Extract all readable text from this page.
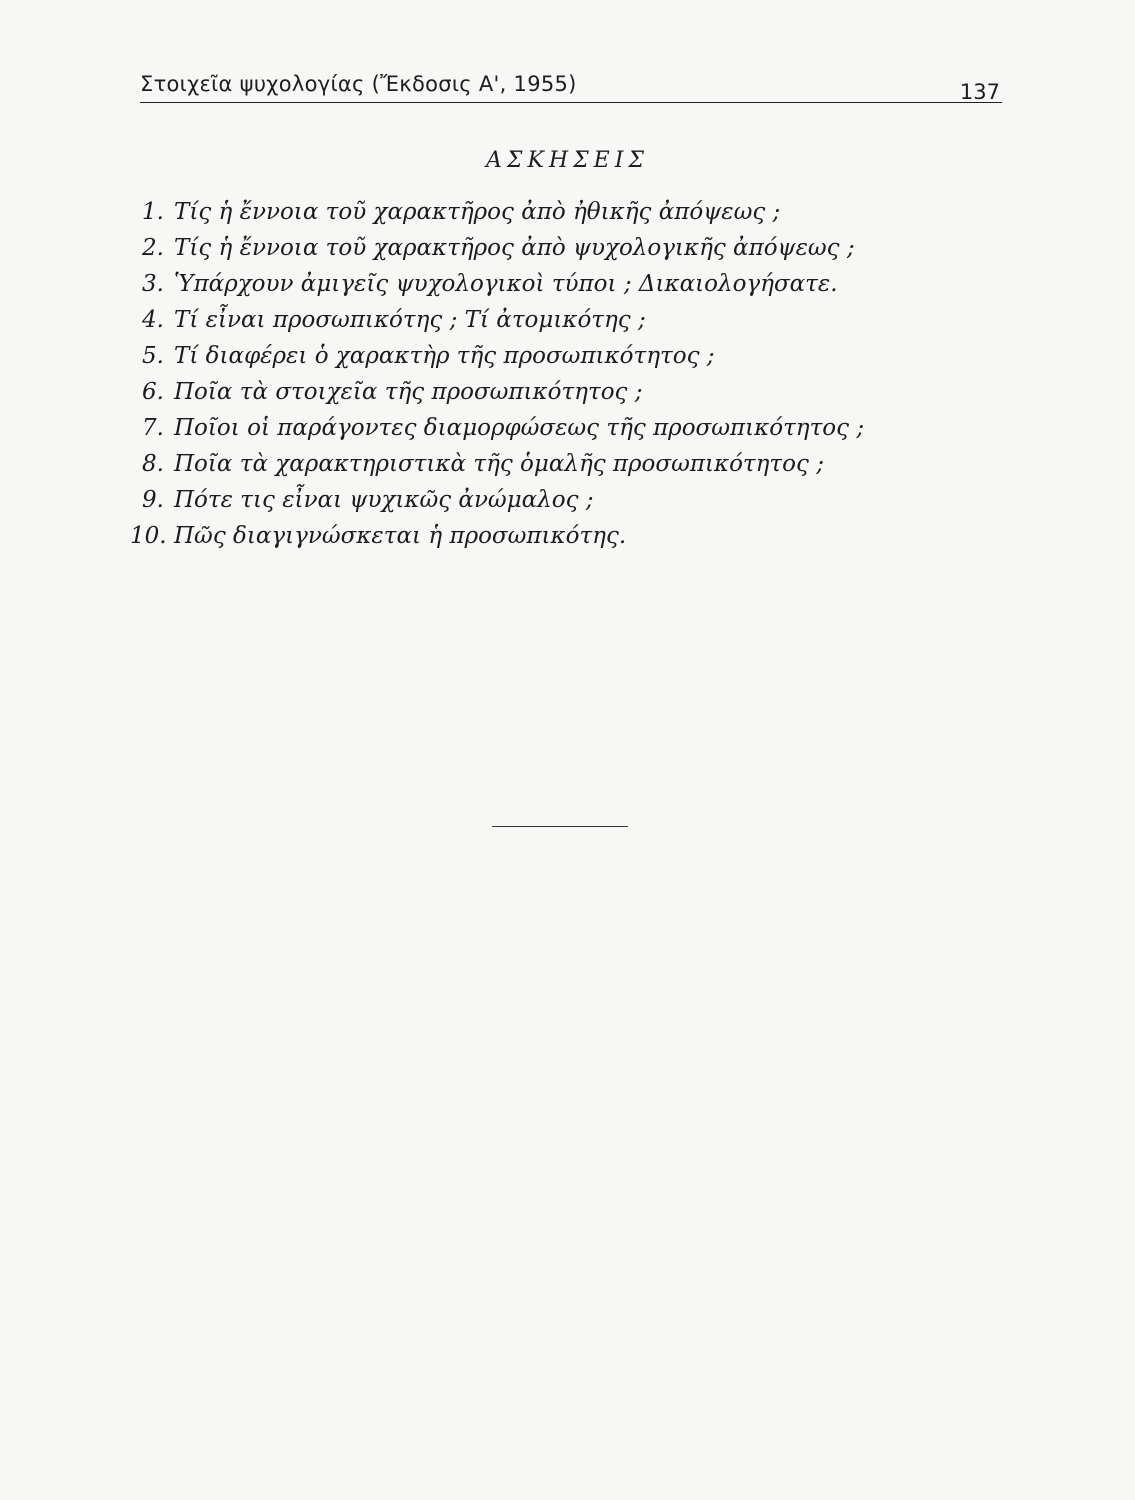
Στοιχεῖα ψυχολογίας (Ἔκδοσις Α', 1955)	137
ΑΣΚΗΣΕΙΣ
1. Τίς ἡ ἔννοια τοῦ χαρακτῆρος ἀπὸ ἠθικῆς ἀπόψεως ;
2. Τίς ἡ ἔννοια τοῦ χαρακτῆρος ἀπὸ ψυχολογικῆς ἀπόψεως ;
3. Ὑπάρχουν ἀμιγεῖς ψυχολογικοὶ τύποι ; Δικαιολογήσατε.
4. Τί εἶναι προσωπικότης ; Τί ἀτομικότης ;
5. Τί διαφέρει ὁ χαρακτὴρ τῆς προσωπικότητος ;
6. Ποῖα τὰ στοιχεῖα τῆς προσωπικότητος ;
7. Ποῖοι οἱ παράγοντες διαμορφώσεως τῆς προσωπικότητος ;
8. Ποῖα τὰ χαρακτηριστικὰ τῆς ὁμαλῆς προσωπικότητος ;
9. Πότε τις εἶναι ψυχικῶς ἀνώμαλος ;
10. Πῶς διαγιγνώσκεται ἡ προσωπικότης.
